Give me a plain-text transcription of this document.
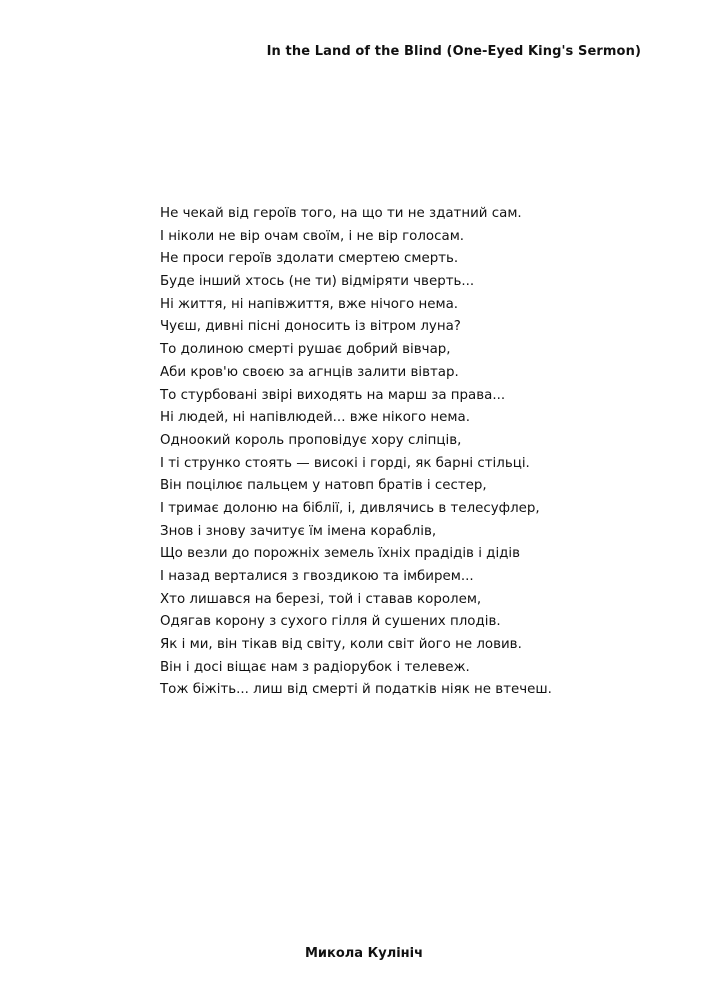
In the Land of the Blind (One-Eyed King's Sermon)
Не чекай від героїв того, на що ти не здатний сам.
І ніколи не вір очам своїм, і не вір голосам.
Не проси героїв здолати смертею смерть.
Буде інший хтось (не ти) відміряти чверть...
Ні життя, ні напівжиття, вже нічого нема.
Чуєш, дивні пісні доносить із вітром луна?
То долиною смерті рушає добрий вівчар,
Аби кров'ю своєю за агнців залити вівтар.
То стурбовані звірі виходять на марш за права...
Ні людей, ні напівлюдей... вже нікого нема.
Одноокий король проповідує хору сліпців,
І ті струнко стоять — високі і горді, як барні стільці.
Він поцілює пальцем у натовп братів і сестер,
І тримає долоню на біблії, і, дивлячись в телесуфлер,
Знов і знову зачитує їм імена кораблів,
Що везли до порожніх земель їхніх прадідів і дідів
І назад верталися з гвоздикою та імбирем...
Хто лишався на березі, той і ставав королем,
Одягав корону з сухого гілля й сушених плодів.
Як і ми, він тікав від світу, коли світ його не ловив.
Він і досі віщає нам з радіорубок і телевеж.
Тож біжіть... лиш від смерті й податків ніяк не втечеш.
Микола Кулініч
